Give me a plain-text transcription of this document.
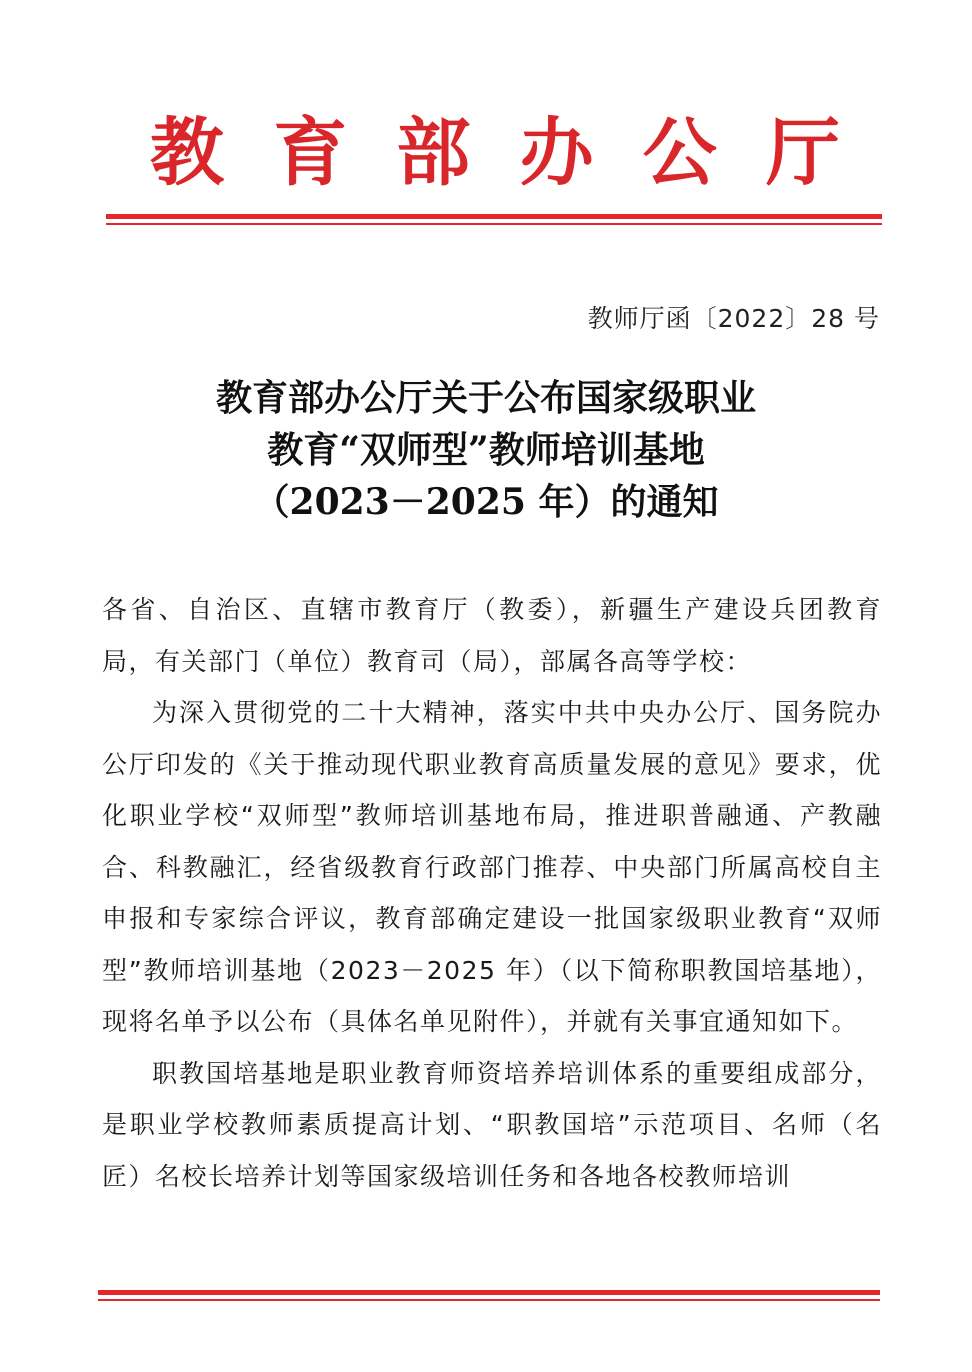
教 育 部 办 公 厅
教师厅函〔2022〕28 号
教育部办公厅关于公布国家级职业
教育“双师型”教师培训基地
（2023－2025 年）的通知

各省、自治区、直辖市教育厅（教委），新疆生产建设兵团教育局，有关部门（单位）教育司（局），部属各高等学校：

为深入贯彻党的二十大精神，落实中共中央办公厅、国务院办公厅印发的《关于推动现代职业教育高质量发展的意见》要求，优化职业学校“双师型”教师培训基地布局，推进职普融通、产教融合、科教融汇，经省级教育行政部门推荐、中央部门所属高校自主申报和专家综合评议，教育部确定建设一批国家级职业教育“双师型”教师培训基地（2023－2025 年）（以下简称职教国培基地），现将名单予以公布（具体名单见附件），并就有关事宜通知如下。

职教国培基地是职业教育师资培养培训体系的重要组成部分，是职业学校教师素质提高计划、“职教国培”示范项目、名师（名匠）名校长培养计划等国家级培训任务和各地各校教师培训
